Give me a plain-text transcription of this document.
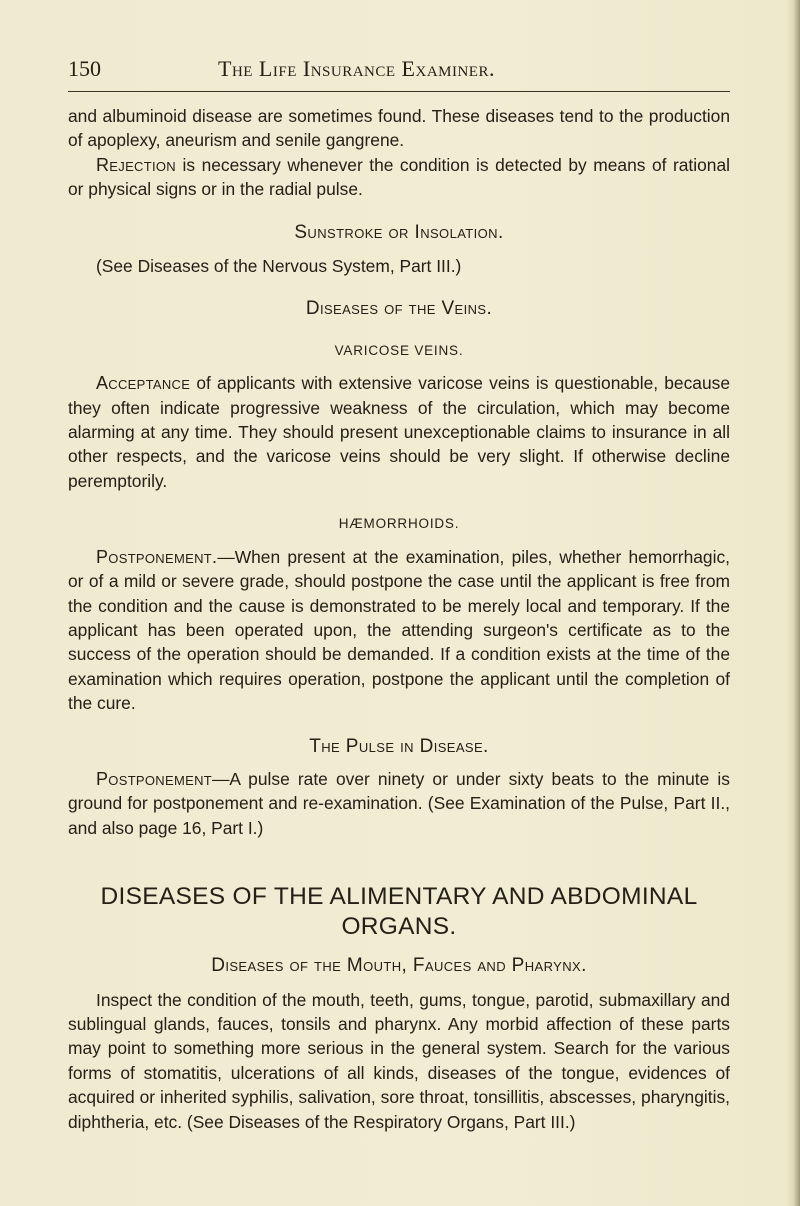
150	The Life Insurance Examiner.

and albuminoid disease are sometimes found. These diseases tend to the production of apoplexy, aneurism and senile gangrene.

Rejection is necessary whenever the condition is detected by means of rational or physical signs or in the radial pulse.

Sunstroke or Insolation.

(See Diseases of the Nervous System, Part III.)

Diseases of the Veins.
VARICOSE VEINS.

Acceptance of applicants with extensive varicose veins is questionable, because they often indicate progressive weakness of the circulation, which may become alarming at any time. They should present unexceptionable claims to insurance in all other respects, and the varicose veins should be very slight. If otherwise decline peremptorily.

HÆMORRHOIDS.

Postponement.—When present at the examination, piles, whether hemorrhagic, or of a mild or severe grade, should postpone the case until the applicant is free from the condition and the cause is demonstrated to be merely local and temporary. If the applicant has been operated upon, the attending surgeon's certificate as to the success of the operation should be demanded. If a condition exists at the time of the examination which requires operation, postpone the applicant until the completion of the cure.

The Pulse in Disease.

Postponement—A pulse rate over ninety or under sixty beats to the minute is ground for postponement and re-examination. (See Examination of the Pulse, Part II., and also page 16, Part I.)

DISEASES OF THE ALIMENTARY AND ABDOMINAL ORGANS.
Diseases of the Mouth, Fauces and Pharynx.

Inspect the condition of the mouth, teeth, gums, tongue, parotid, submaxillary and sublingual glands, fauces, tonsils and pharynx. Any morbid affection of these parts may point to something more serious in the general system. Search for the various forms of stomatitis, ulcerations of all kinds, diseases of the tongue, evidences of acquired or inherited syphilis, salivation, sore throat, tonsillitis, abscesses, pharyngitis, diphtheria, etc. (See Diseases of the Respiratory Organs, Part III.)
